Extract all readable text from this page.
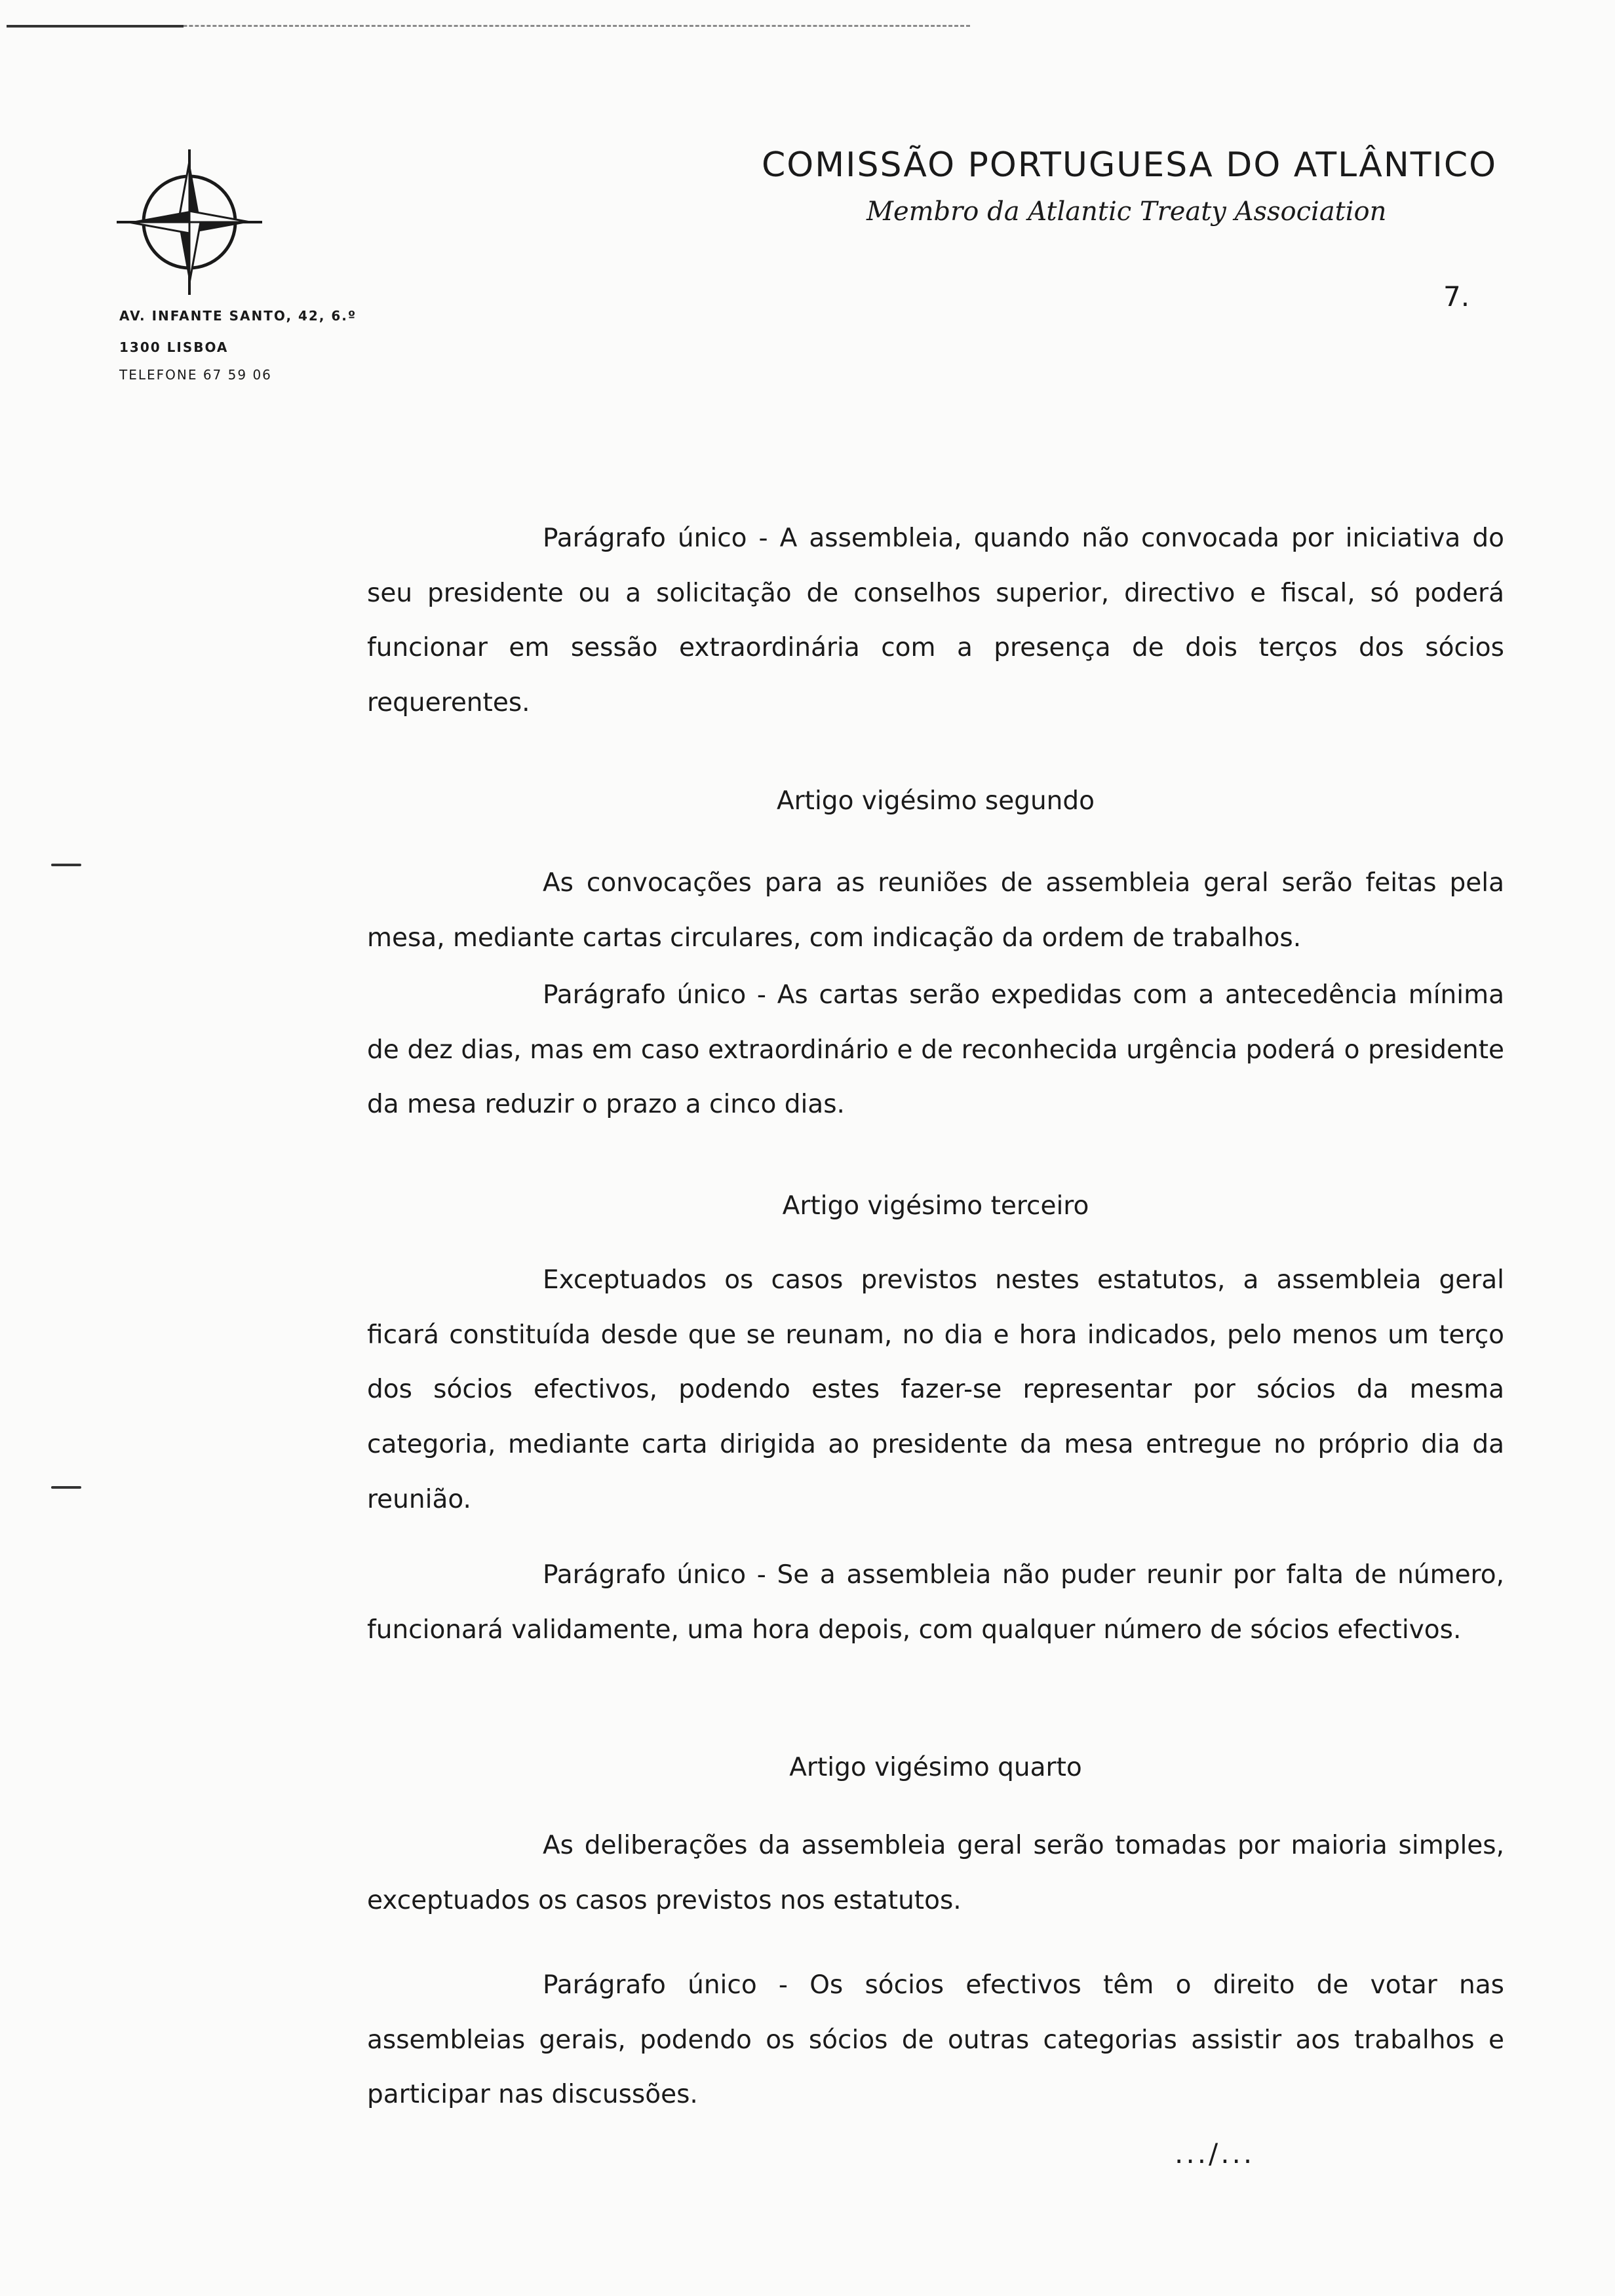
AV. INFANTE SANTO, 42, 6.º
1300 LISBOA
TELEFONE 67 59 06
COMISSÃO PORTUGUESA DO ATLÂNTICO
Membro da Atlantic Treaty Association
7.

Parágrafo único - A assembleia, quando não convocada por iniciativa do seu presidente ou a solicitação de conselhos superior, directivo e fiscal, só poderá funcionar em sessão extraordinária com a presença de dois terços dos sócios requerentes.

Artigo vigésimo segundo

As convocações para as reuniões de assembleia geral serão feitas pela mesa, mediante cartas circulares, com indicação da ordem de trabalhos.

Parágrafo único - As cartas serão expedidas com a antecedência mínima de dez dias, mas em caso extraordinário e de reconhecida urgência poderá o presidente da mesa reduzir o prazo a cinco dias.

Artigo vigésimo terceiro

Exceptuados os casos previstos nestes estatutos, a assembleia geral ficará constituída desde que se reunam, no dia e hora indicados, pelo menos um terço dos sócios efectivos, podendo estes fazer-se representar por sócios da mesma categoria, mediante carta dirigida ao presidente da mesa entregue no próprio dia da reunião.

Parágrafo único - Se a assembleia não puder reunir por falta de número, funcionará validamente, uma hora depois, com qualquer número de sócios efectivos.

Artigo vigésimo quarto

As deliberações da assembleia geral serão tomadas por maioria simples, exceptuados os casos previstos nos estatutos.

Parágrafo único - Os sócios efectivos têm o direito de votar nas assembleias gerais, podendo os sócios de outras categorias assistir aos trabalhos e participar nas discussões.

.../...
